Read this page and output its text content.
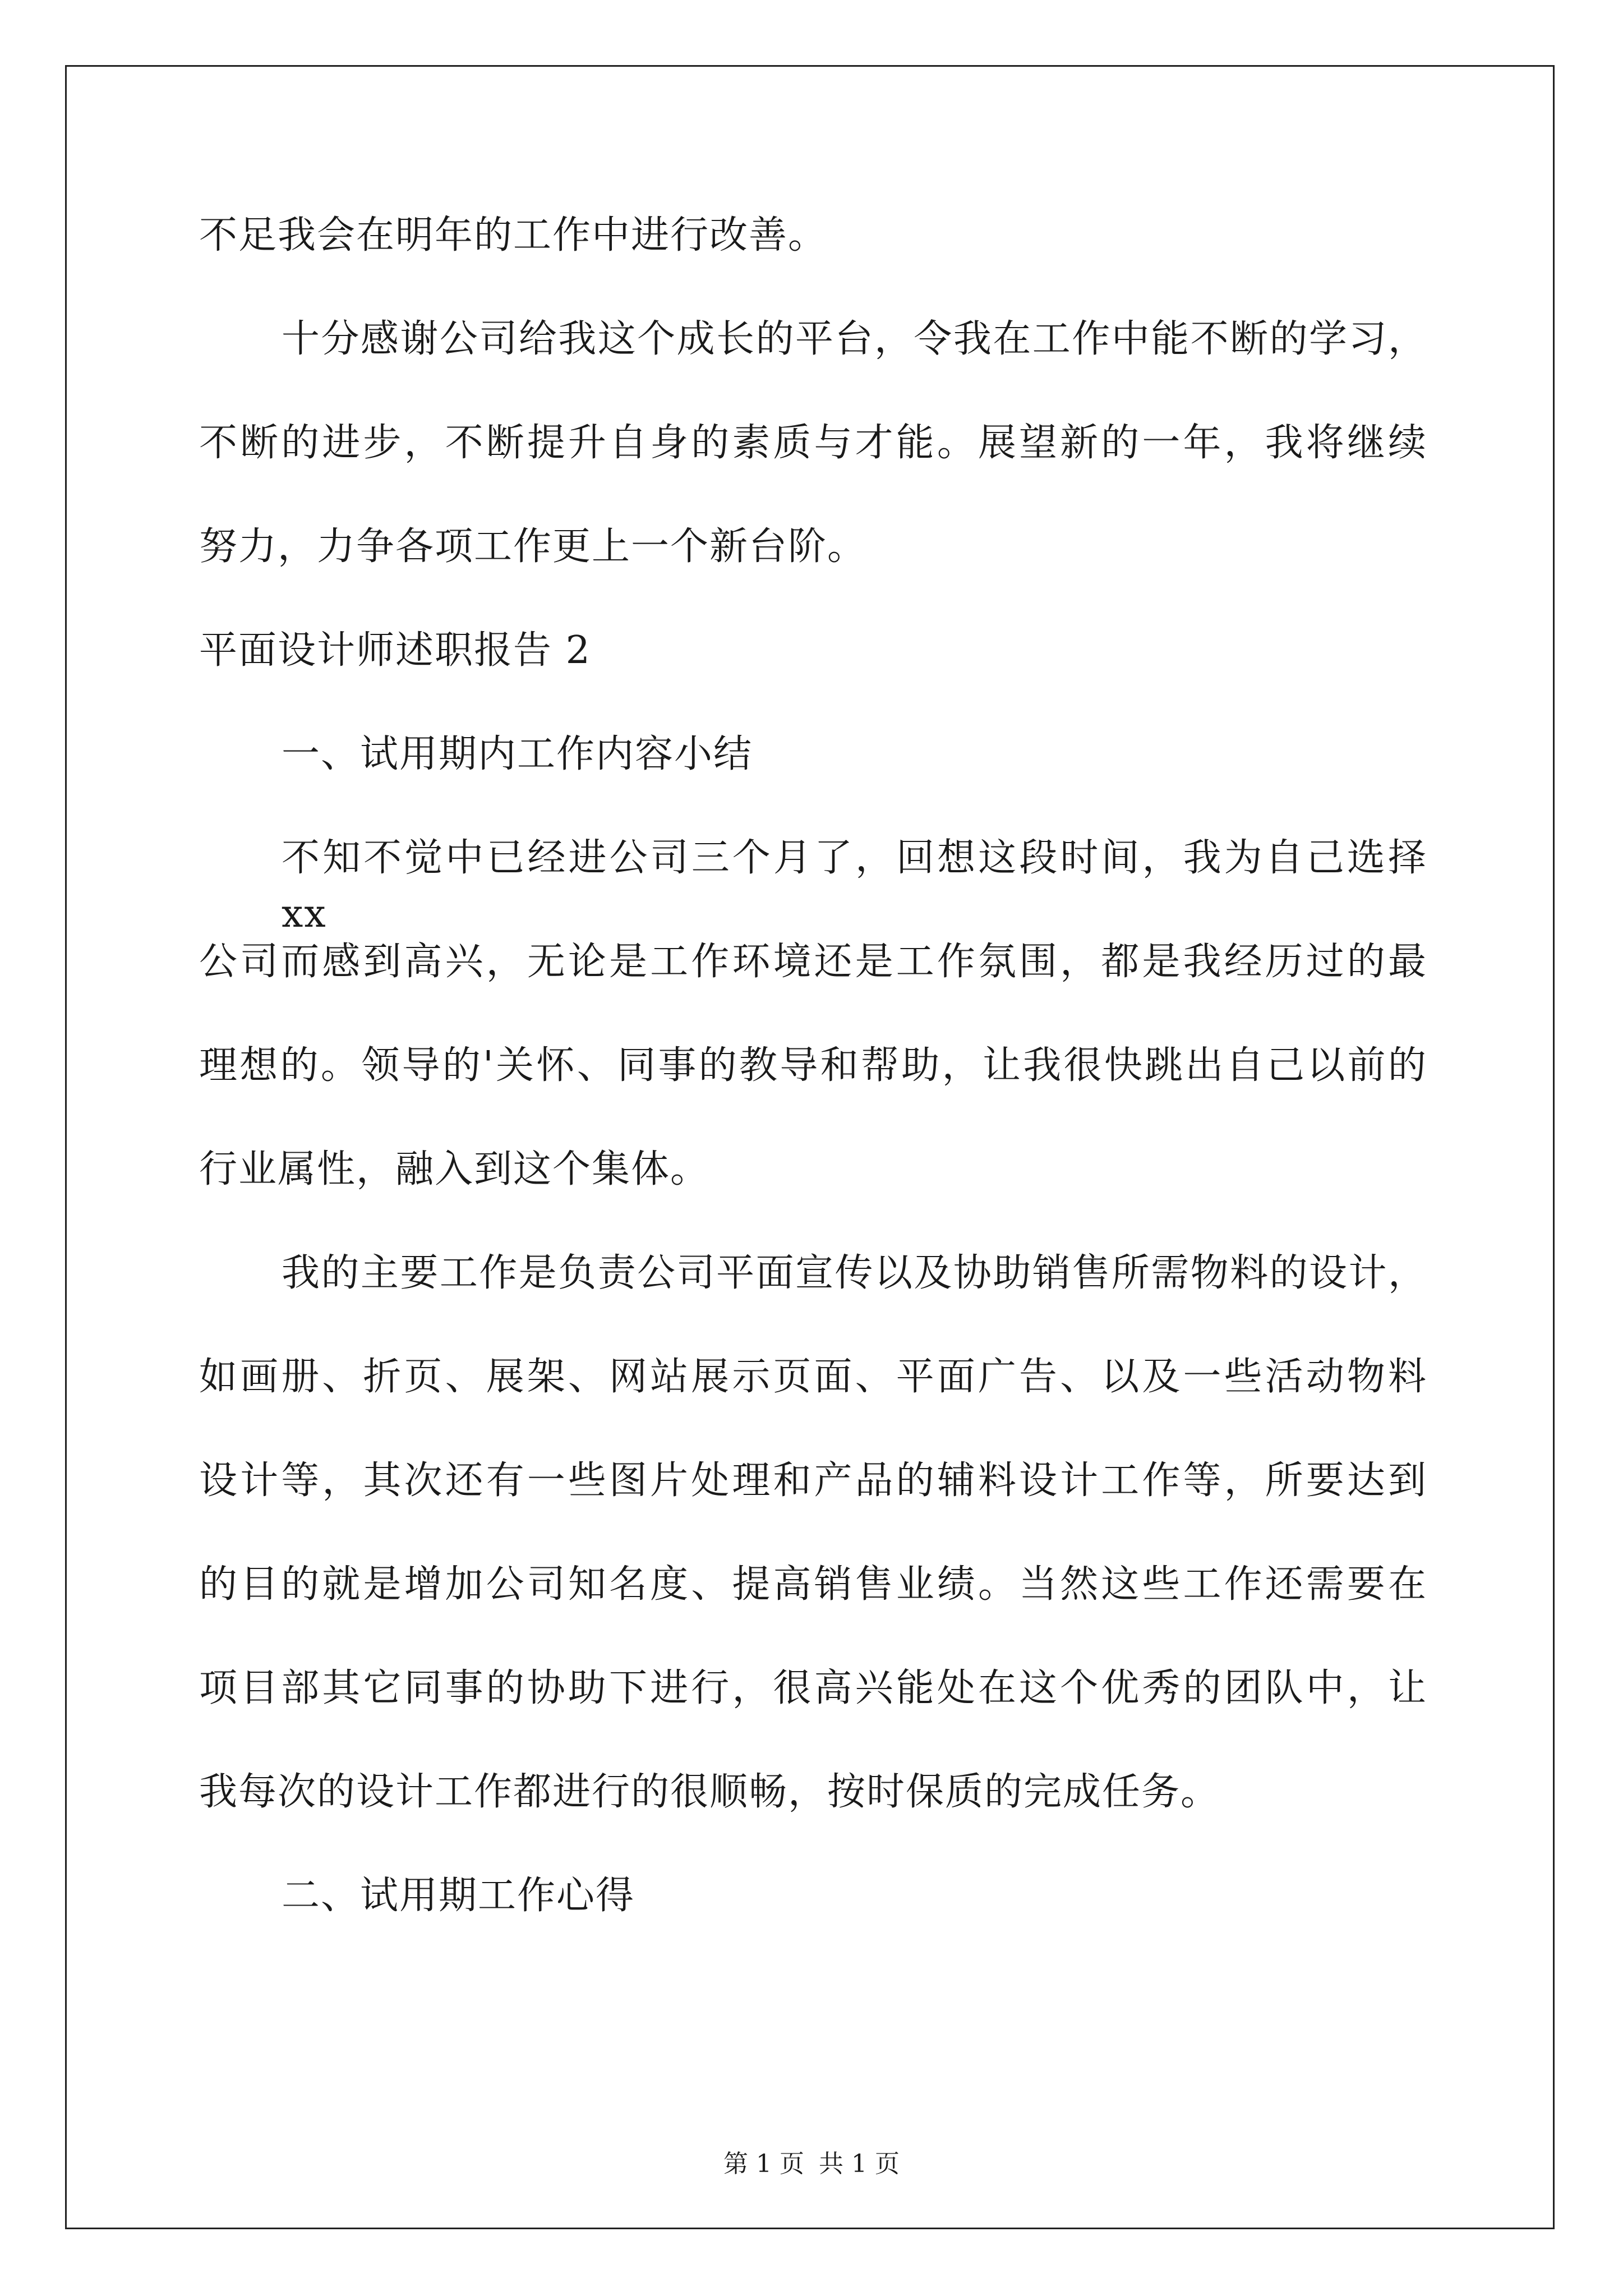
不足我会在明年的工作中进行改善。
十分感谢公司给我这个成长的平台，令我在工作中能不断的学习，
不断的进步，不断提升自身的素质与才能。展望新的一年，我将继续
努力，力争各项工作更上一个新台阶。
平面设计师述职报告 2
一、试用期内工作内容小结
不知不觉中已经进公司三个月了，回想这段时间，我为自己选择 xx
公司而感到高兴，无论是工作环境还是工作氛围，都是我经历过的最
理想的。领导的'关怀、同事的教导和帮助，让我很快跳出自己以前的
行业属性，融入到这个集体。
我的主要工作是负责公司平面宣传以及协助销售所需物料的设计，
如画册、折页、展架、网站展示页面、平面广告、以及一些活动物料
设计等，其次还有一些图片处理和产品的辅料设计工作等，所要达到
的目的就是增加公司知名度、提高销售业绩。当然这些工作还需要在
项目部其它同事的协助下进行，很高兴能处在这个优秀的团队中，让
我每次的设计工作都进行的很顺畅，按时保质的完成任务。
二、试用期工作心得
第 1 页 共 1 页
